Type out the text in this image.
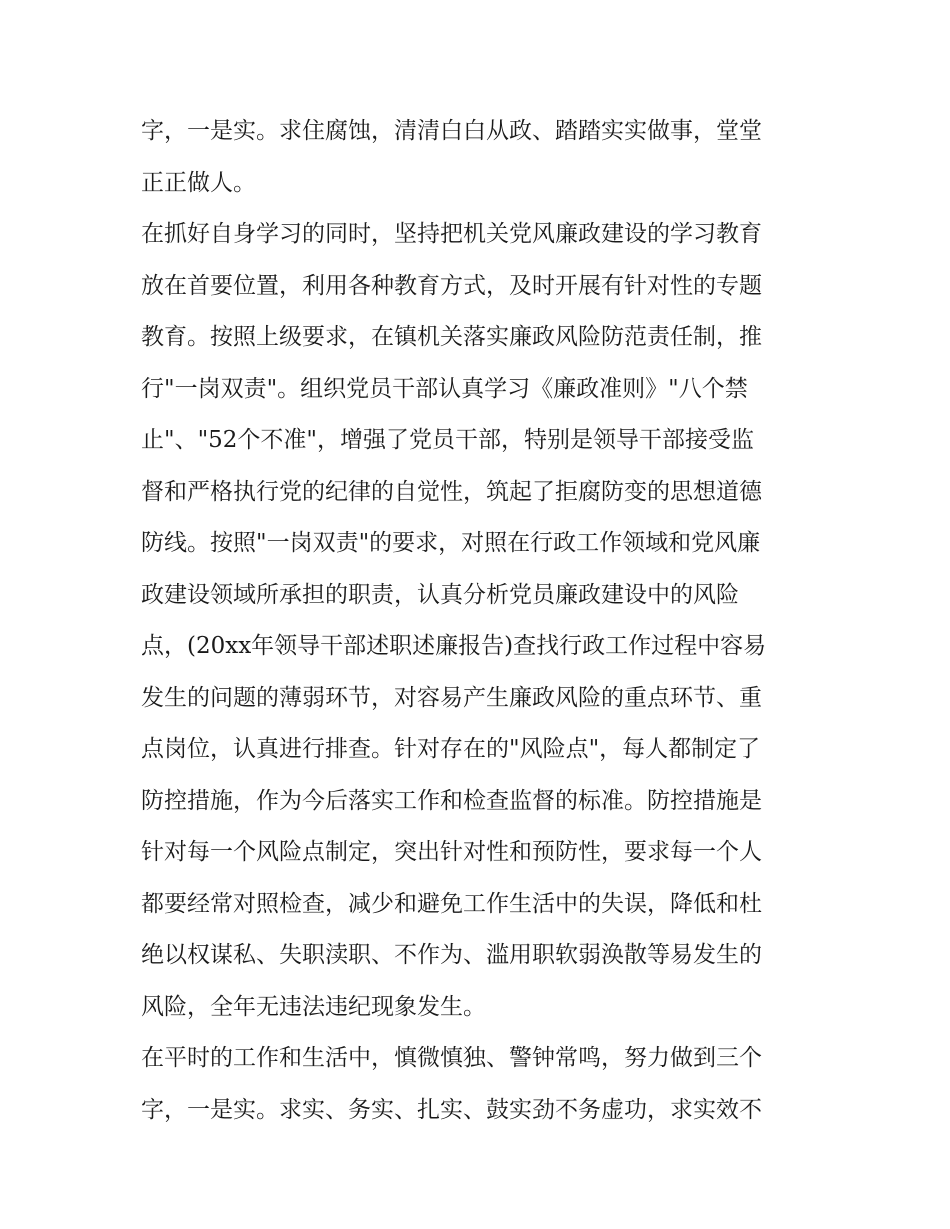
字，一是实。求住腐蚀，清清白白从政、踏踏实实做事，堂堂
正正做人。
在抓好自身学习的同时，坚持把机关党风廉政建设的学习教育
放在首要位置，利用各种教育方式，及时开展有针对性的专题
教育。按照上级要求，在镇机关落实廉政风险防范责任制，推
行"一岗双责"。组织党员干部认真学习《廉政准则》"八个禁
止"、"52个不准"，增强了党员干部，特别是领导干部接受监
督和严格执行党的纪律的自觉性，筑起了拒腐防变的思想道德
防线。按照"一岗双责"的要求，对照在行政工作领域和党风廉
政建设领域所承担的职责，认真分析党员廉政建设中的风险
点，(20xx年领导干部述职述廉报告)查找行政工作过程中容易
发生的问题的薄弱环节，对容易产生廉政风险的重点环节、重
点岗位，认真进行排查。针对存在的"风险点"，每人都制定了
防控措施，作为今后落实工作和检查监督的标准。防控措施是
针对每一个风险点制定，突出针对性和预防性，要求每一个人
都要经常对照检查，减少和避免工作生活中的失误，降低和杜
绝以权谋私、失职渎职、不作为、滥用职软弱涣散等易发生的
风险，全年无违法违纪现象发生。
在平时的工作和生活中，慎微慎独、警钟常鸣，努力做到三个
字，一是实。求实、务实、扎实、鼓实劲不务虚功，求实效不
